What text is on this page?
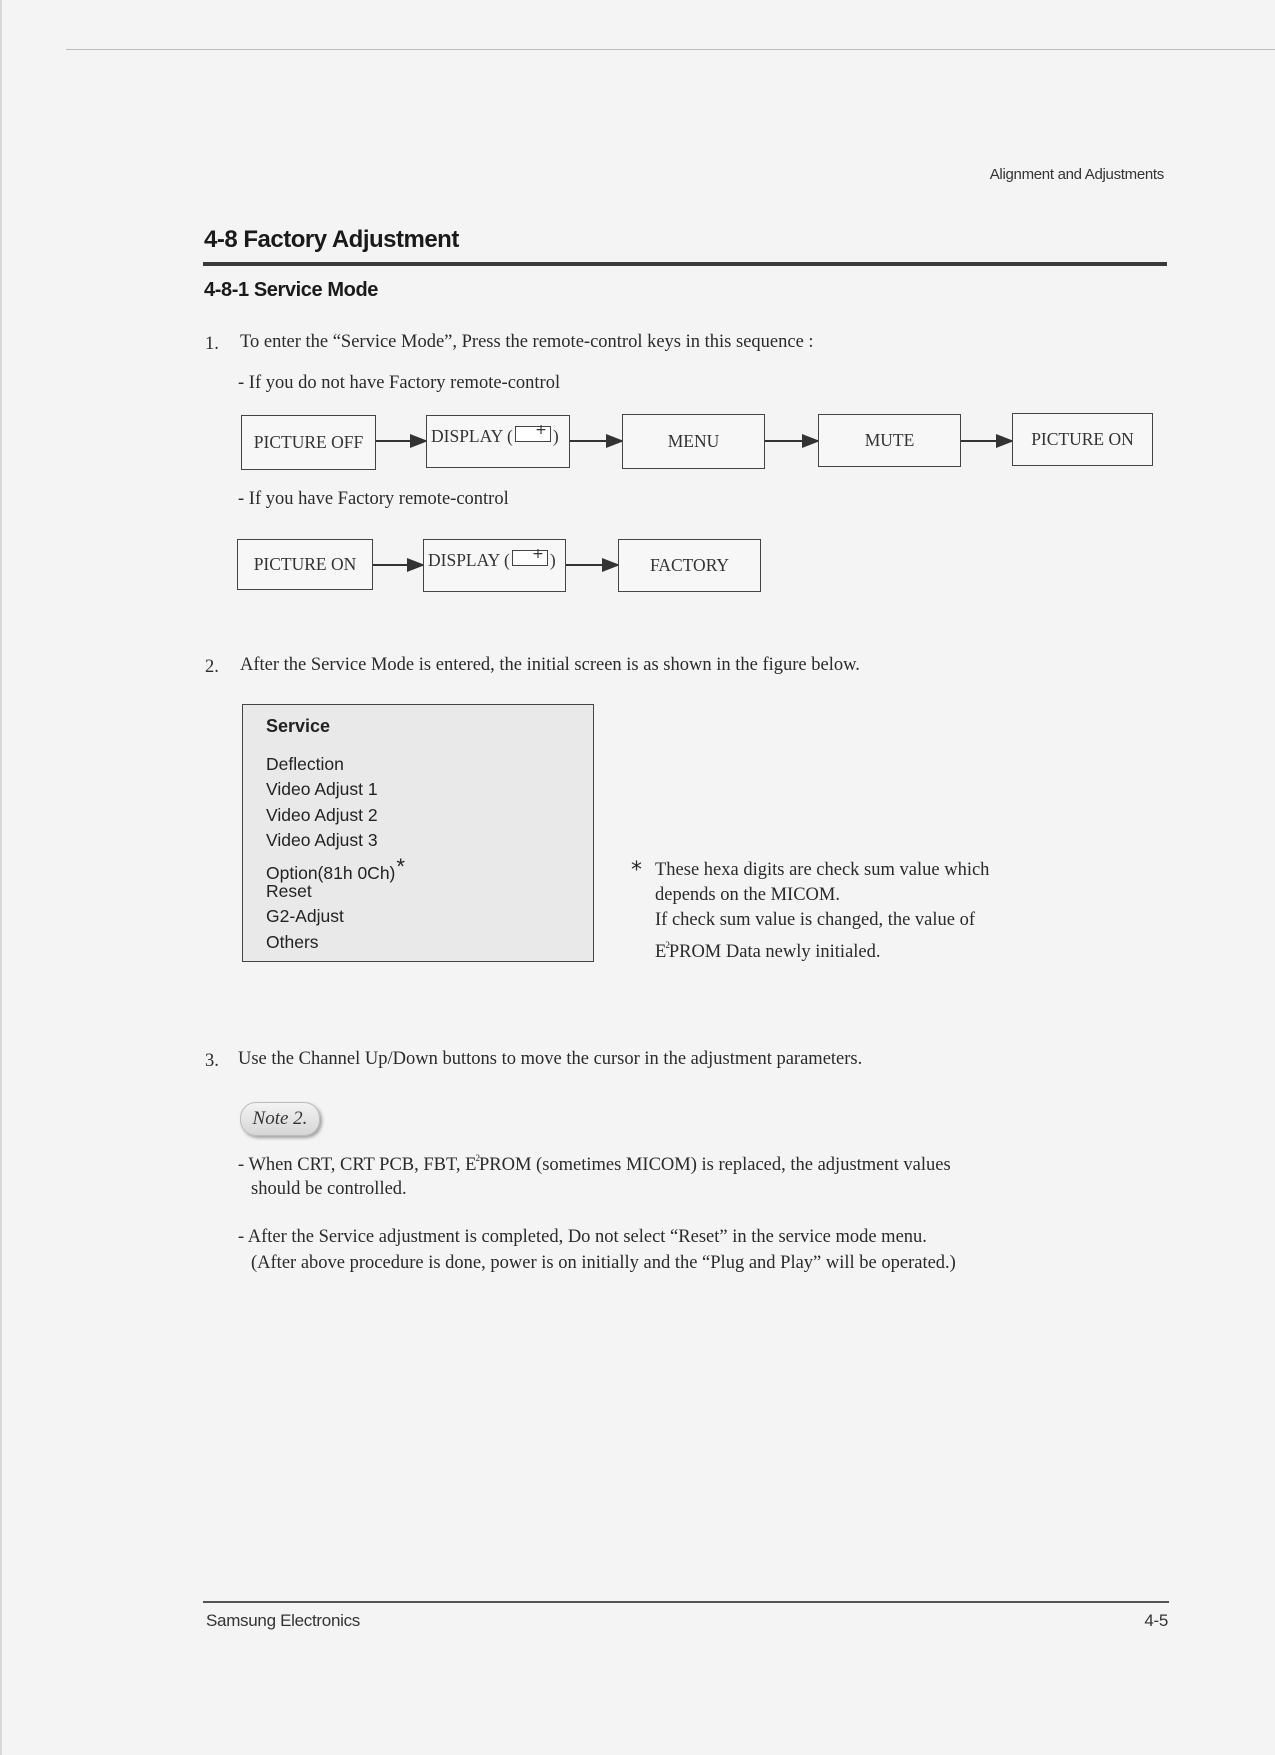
Alignment and Adjustments
4-8 Factory Adjustment
4-8-1 Service Mode
1. To enter the “Service Mode”, Press the remote-control keys in this sequence :
- If you do not have Factory remote-control
PICTURE OFF	DISPLAY ( + )	MENU	MUTE	PICTURE ON
- If you have Factory remote-control
PICTURE ON	DISPLAY ( + )	FACTORY
2. After the Service Mode is entered, the initial screen is as shown in the figure below.
Service
Deflection
Video Adjust 1
Video Adjust 2
Video Adjust 3
Option(81h 0Ch)*
Reset
G2-Adjust
Others
* These hexa digits are check sum value which
depends on the MICOM.
If check sum value is changed, the value of
$E^2PROM$ Data newly initialed.
3. Use the Channel Up/Down buttons to move the cursor in the adjustment parameters.
Note 2.
- When CRT, CRT PCB, FBT, $E^2PROM$ (sometimes MICOM) is replaced, the adjustment values
should be controlled.
- After the Service adjustment is completed, Do not select “Reset” in the service mode menu.
(After above procedure is done, power is on initially and the “Plug and Play” will be operated.)
Samsung Electronics	4-5
